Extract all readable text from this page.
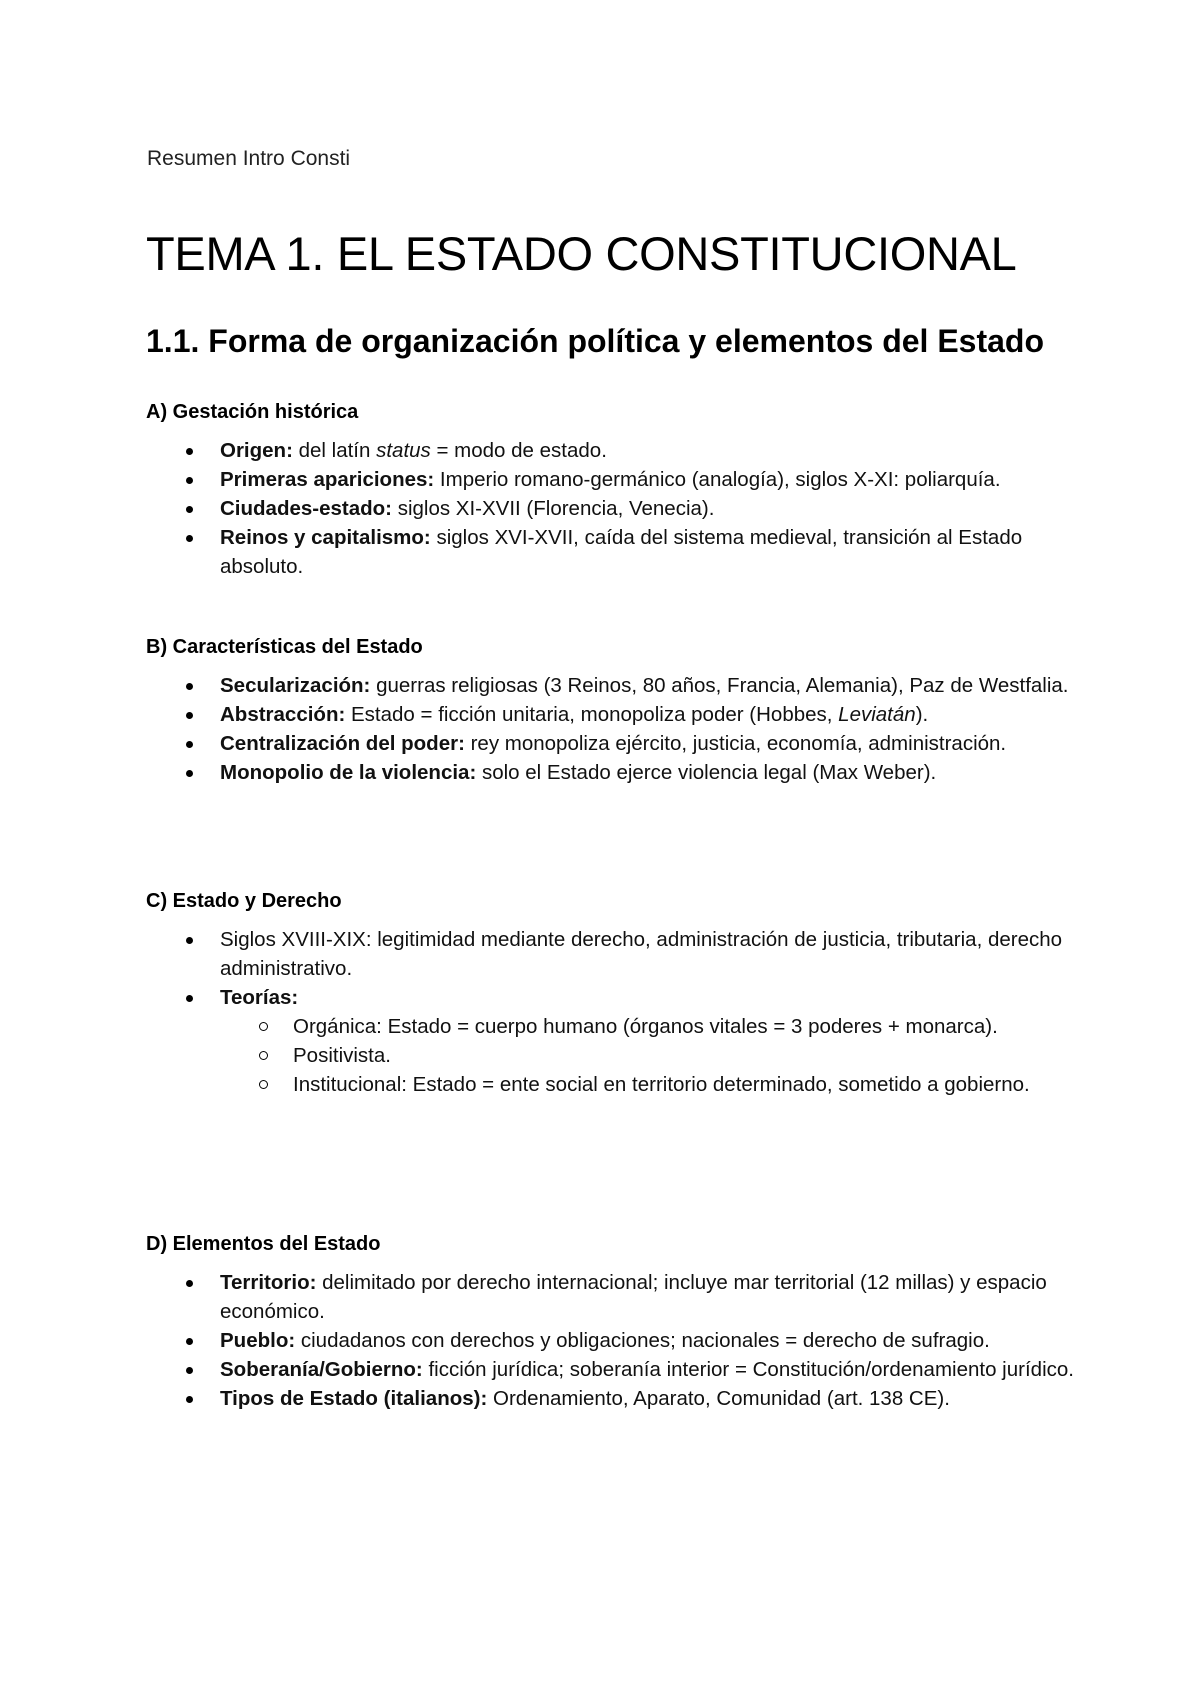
Resumen Intro Consti
TEMA 1. EL ESTADO CONSTITUCIONAL
1.1. Forma de organización política y elementos del Estado
A) Gestación histórica
Origen: del latín status = modo de estado.
Primeras apariciones: Imperio romano-germánico (analogía), siglos X-XI: poliarquía.
Ciudades-estado: siglos XI-XVII (Florencia, Venecia).
Reinos y capitalismo: siglos XVI-XVII, caída del sistema medieval, transición al Estado absoluto.
B) Características del Estado
Secularización: guerras religiosas (3 Reinos, 80 años, Francia, Alemania), Paz de Westfalia.
Abstracción: Estado = ficción unitaria, monopoliza poder (Hobbes, Leviatán).
Centralización del poder: rey monopoliza ejército, justicia, economía, administración.
Monopolio de la violencia: solo el Estado ejerce violencia legal (Max Weber).
C) Estado y Derecho
Siglos XVIII-XIX: legitimidad mediante derecho, administración de justicia, tributaria, derecho administrativo.
Teorías:
Orgánica: Estado = cuerpo humano (órganos vitales = 3 poderes + monarca).
Positivista.
Institucional: Estado = ente social en territorio determinado, sometido a gobierno.
D) Elementos del Estado
Territorio: delimitado por derecho internacional; incluye mar territorial (12 millas) y espacio económico.
Pueblo: ciudadanos con derechos y obligaciones; nacionales = derecho de sufragio.
Soberanía/Gobierno: ficción jurídica; soberanía interior = Constitución/ordenamiento jurídico.
Tipos de Estado (italianos): Ordenamiento, Aparato, Comunidad (art. 138 CE).
